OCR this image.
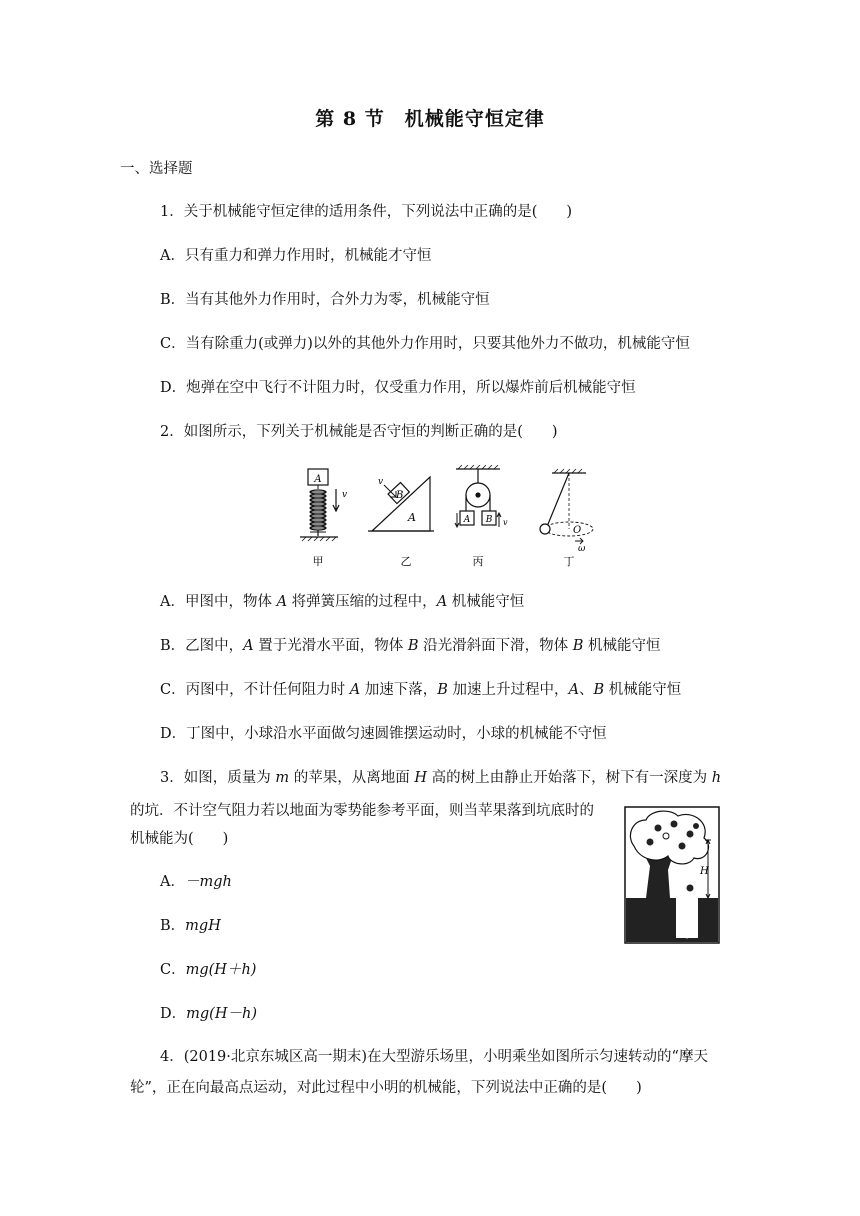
第 8 节　机械能守恒定律
一、选择题
1．关于机械能守恒定律的适用条件，下列说法中正确的是(　　)
A．只有重力和弹力作用时，机械能才守恒
B．当有其他外力作用时，合外力为零，机械能守恒
C．当有除重力(或弹力)以外的其他外力作用时，只要其他外力不做功，机械能守恒
D．炮弹在空中飞行不计阻力时，仅受重力作用，所以爆炸前后机械能守恒
2．如图所示，下列关于机械能是否守恒的判断正确的是(　　)
A
v
甲
B
v
A
乙
A B v
丙
O
ω
丁
A．甲图中，物体 A 将弹簧压缩的过程中，A 机械能守恒
B．乙图中，A 置于光滑水平面，物体 B 沿光滑斜面下滑，物体 B 机械能守恒
C．丙图中，不计任何阻力时 A 加速下落，B 加速上升过程中，A、B 机械能守恒
D．丁图中，小球沿水平面做匀速圆锥摆运动时，小球的机械能不守恒
3．如图，质量为 m 的苹果，从离地面 H 高的树上由静止开始落下，树下有一深度为 h
的坑．不计空气阻力若以地面为零势能参考平面，则当苹果落到坑底时的
机械能为(　　)
A．－mgh
B．mgH
C．mg(H＋h)
D．mg(H－h)
H
h
4．(2019·北京东城区高一期末)在大型游乐场里，小明乘坐如图所示匀速转动的“摩天
轮”，正在向最高点运动，对此过程中小明的机械能，下列说法中正确的是(　　)
